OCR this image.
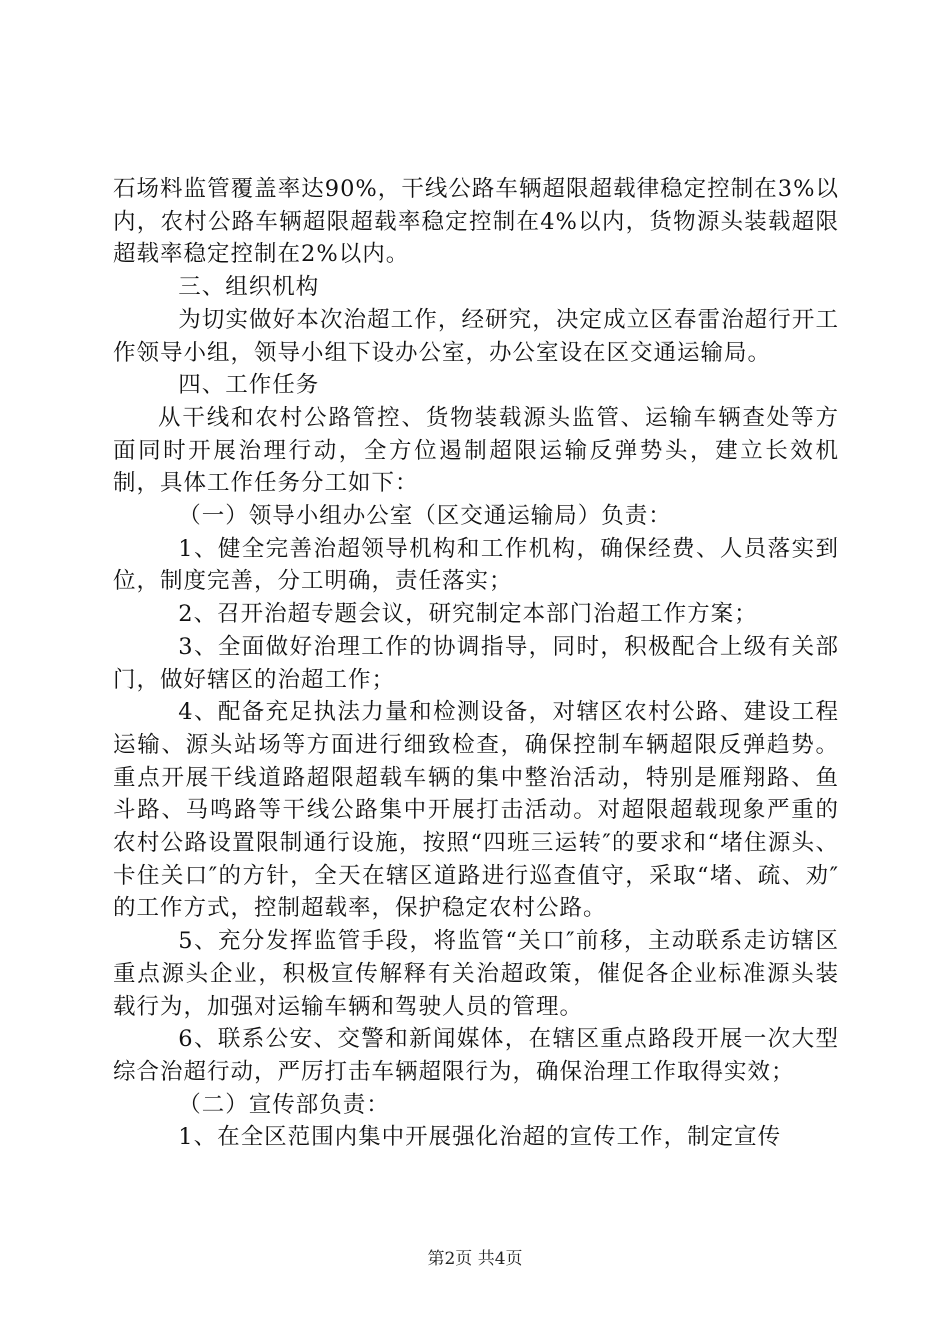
石场料监管覆盖率达90%，干线公路车辆超限超载律稳定控制在3%以内，农村公路车辆超限超载率稳定控制在4%以内，货物源头装载超限超载率稳定控制在2%以内。

三、组织机构

为切实做好本次治超工作，经研究，决定成立区春雷治超行开工作领导小组，领导小组下设办公室，办公室设在区交通运输局。

四、工作任务

从干线和农村公路管控、货物装载源头监管、运输车辆查处等方面同时开展治理行动，全方位遏制超限运输反弹势头，建立长效机制，具体工作任务分工如下：

（一）领导小组办公室（区交通运输局）负责：

1、健全完善治超领导机构和工作机构，确保经费、人员落实到位，制度完善，分工明确，责任落实；

2、召开治超专题会议，研究制定本部门治超工作方案；

3、全面做好治理工作的协调指导，同时，积极配合上级有关部门，做好辖区的治超工作；

4、配备充足执法力量和检测设备，对辖区农村公路、建设工程运输、源头站场等方面进行细致检查，确保控制车辆超限反弹趋势。重点开展干线道路超限超载车辆的集中整治活动，特别是雁翔路、鱼斗路、马鸣路等干线公路集中开展打击活动。对超限超载现象严重的农村公路设置限制通行设施，按照“四班三运转″的要求和“堵住源头、卡住关口″的方针，全天在辖区道路进行巡查值守，采取“堵、疏、劝″的工作方式，控制超载率，保护稳定农村公路。

5、充分发挥监管手段，将监管“关口″前移，主动联系走访辖区重点源头企业，积极宣传解释有关治超政策，催促各企业标准源头装载行为，加强对运输车辆和驾驶人员的管理。

6、联系公安、交警和新闻媒体，在辖区重点路段开展一次大型综合治超行动，严厉打击车辆超限行为，确保治理工作取得实效；

（二）宣传部负责：

1、在全区范围内集中开展强化治超的宣传工作，制定宣传

第2页 共4页
